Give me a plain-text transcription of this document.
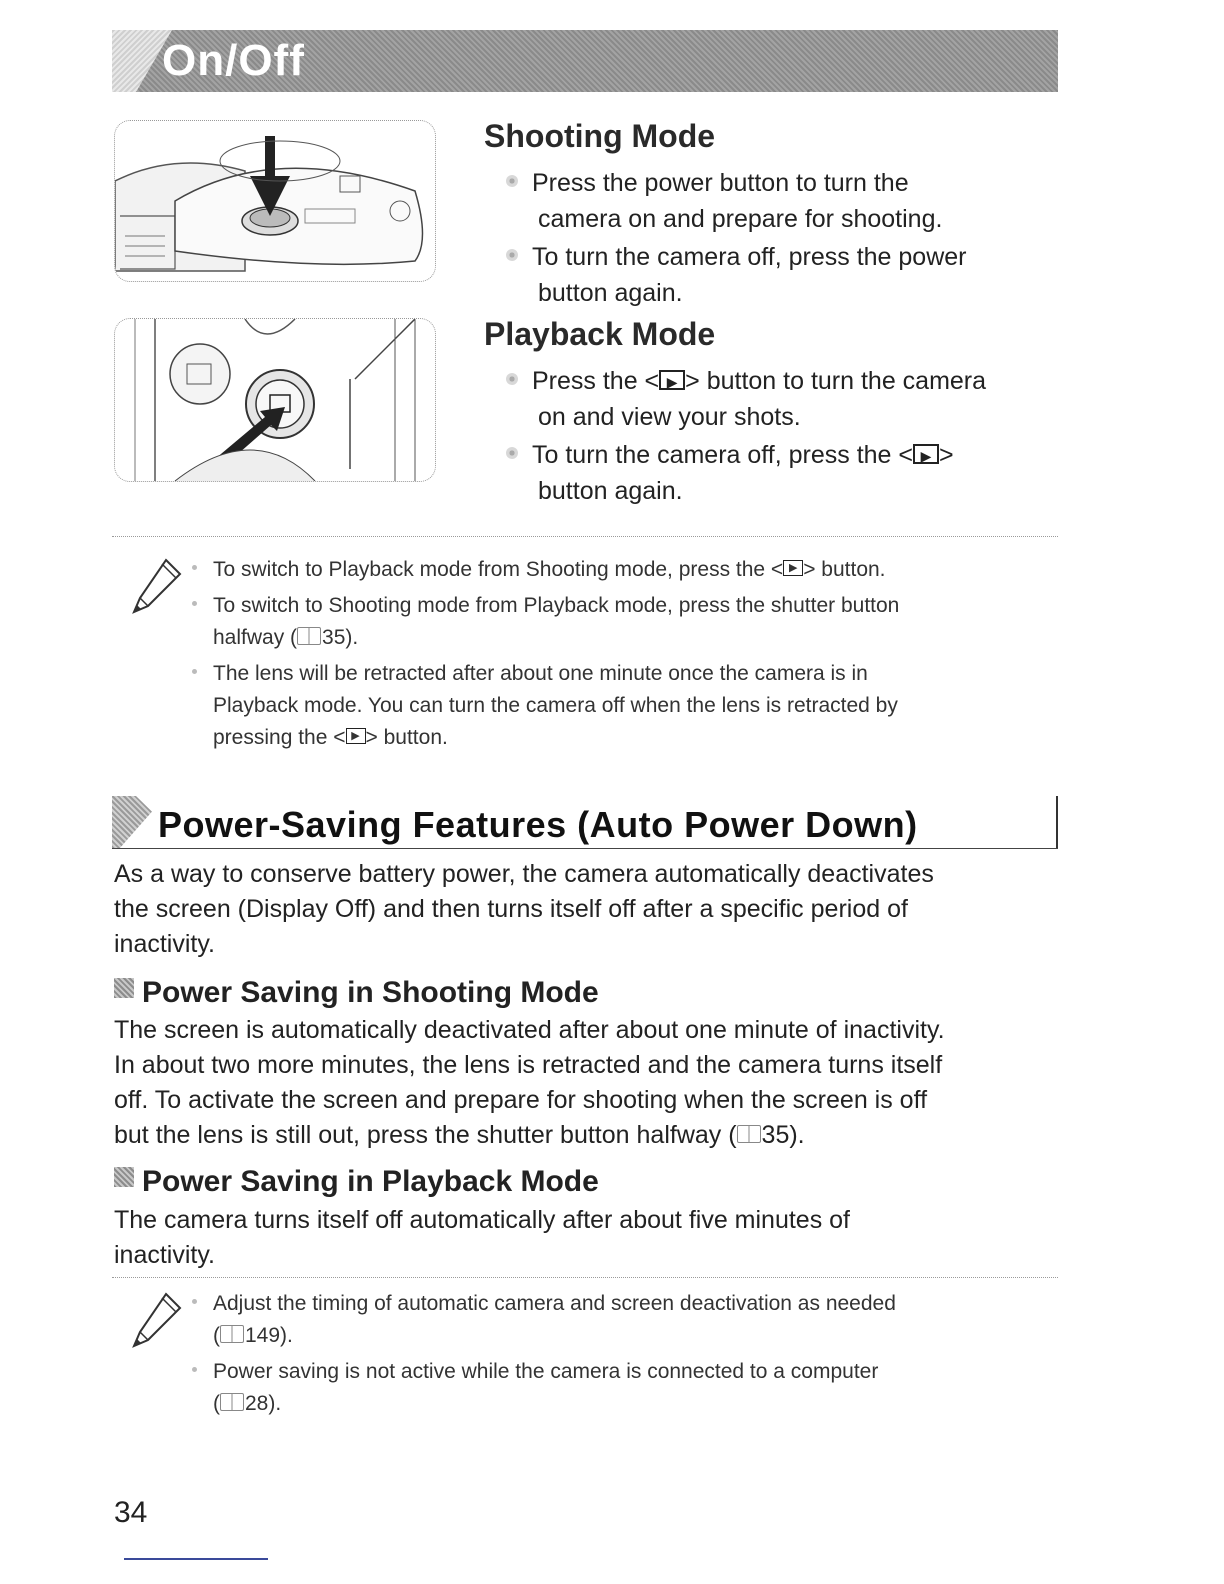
On/Off
Shooting Mode
Press the power button to turn the
camera on and prepare for shooting.
To turn the camera off, press the power
button again.
Playback Mode
Press the < ▶ > button to turn the camera
on and view your shots.
To turn the camera off, press the < ▶ >
button again.
To switch to Playback mode from Shooting mode, press the < ▶ > button.
To switch to Shooting mode from Playback mode, press the shutter button
halfway ( 35).
The lens will be retracted after about one minute once the camera is in
Playback mode. You can turn the camera off when the lens is retracted by
pressing the < ▶ > button.
Power-Saving Features (Auto Power Down)
As a way to conserve battery power, the camera automatically deactivates
the screen (Display Off) and then turns itself off after a specific period of
inactivity.
Power Saving in Shooting Mode
The screen is automatically deactivated after about one minute of inactivity.
In about two more minutes, the lens is retracted and the camera turns itself
off. To activate the screen and prepare for shooting when the screen is off
but the lens is still out, press the shutter button halfway ( 35).
Power Saving in Playback Mode
The camera turns itself off automatically after about five minutes of
inactivity.
Adjust the timing of automatic camera and screen deactivation as needed
( 149).
Power saving is not active while the camera is connected to a computer
( 28).
34
